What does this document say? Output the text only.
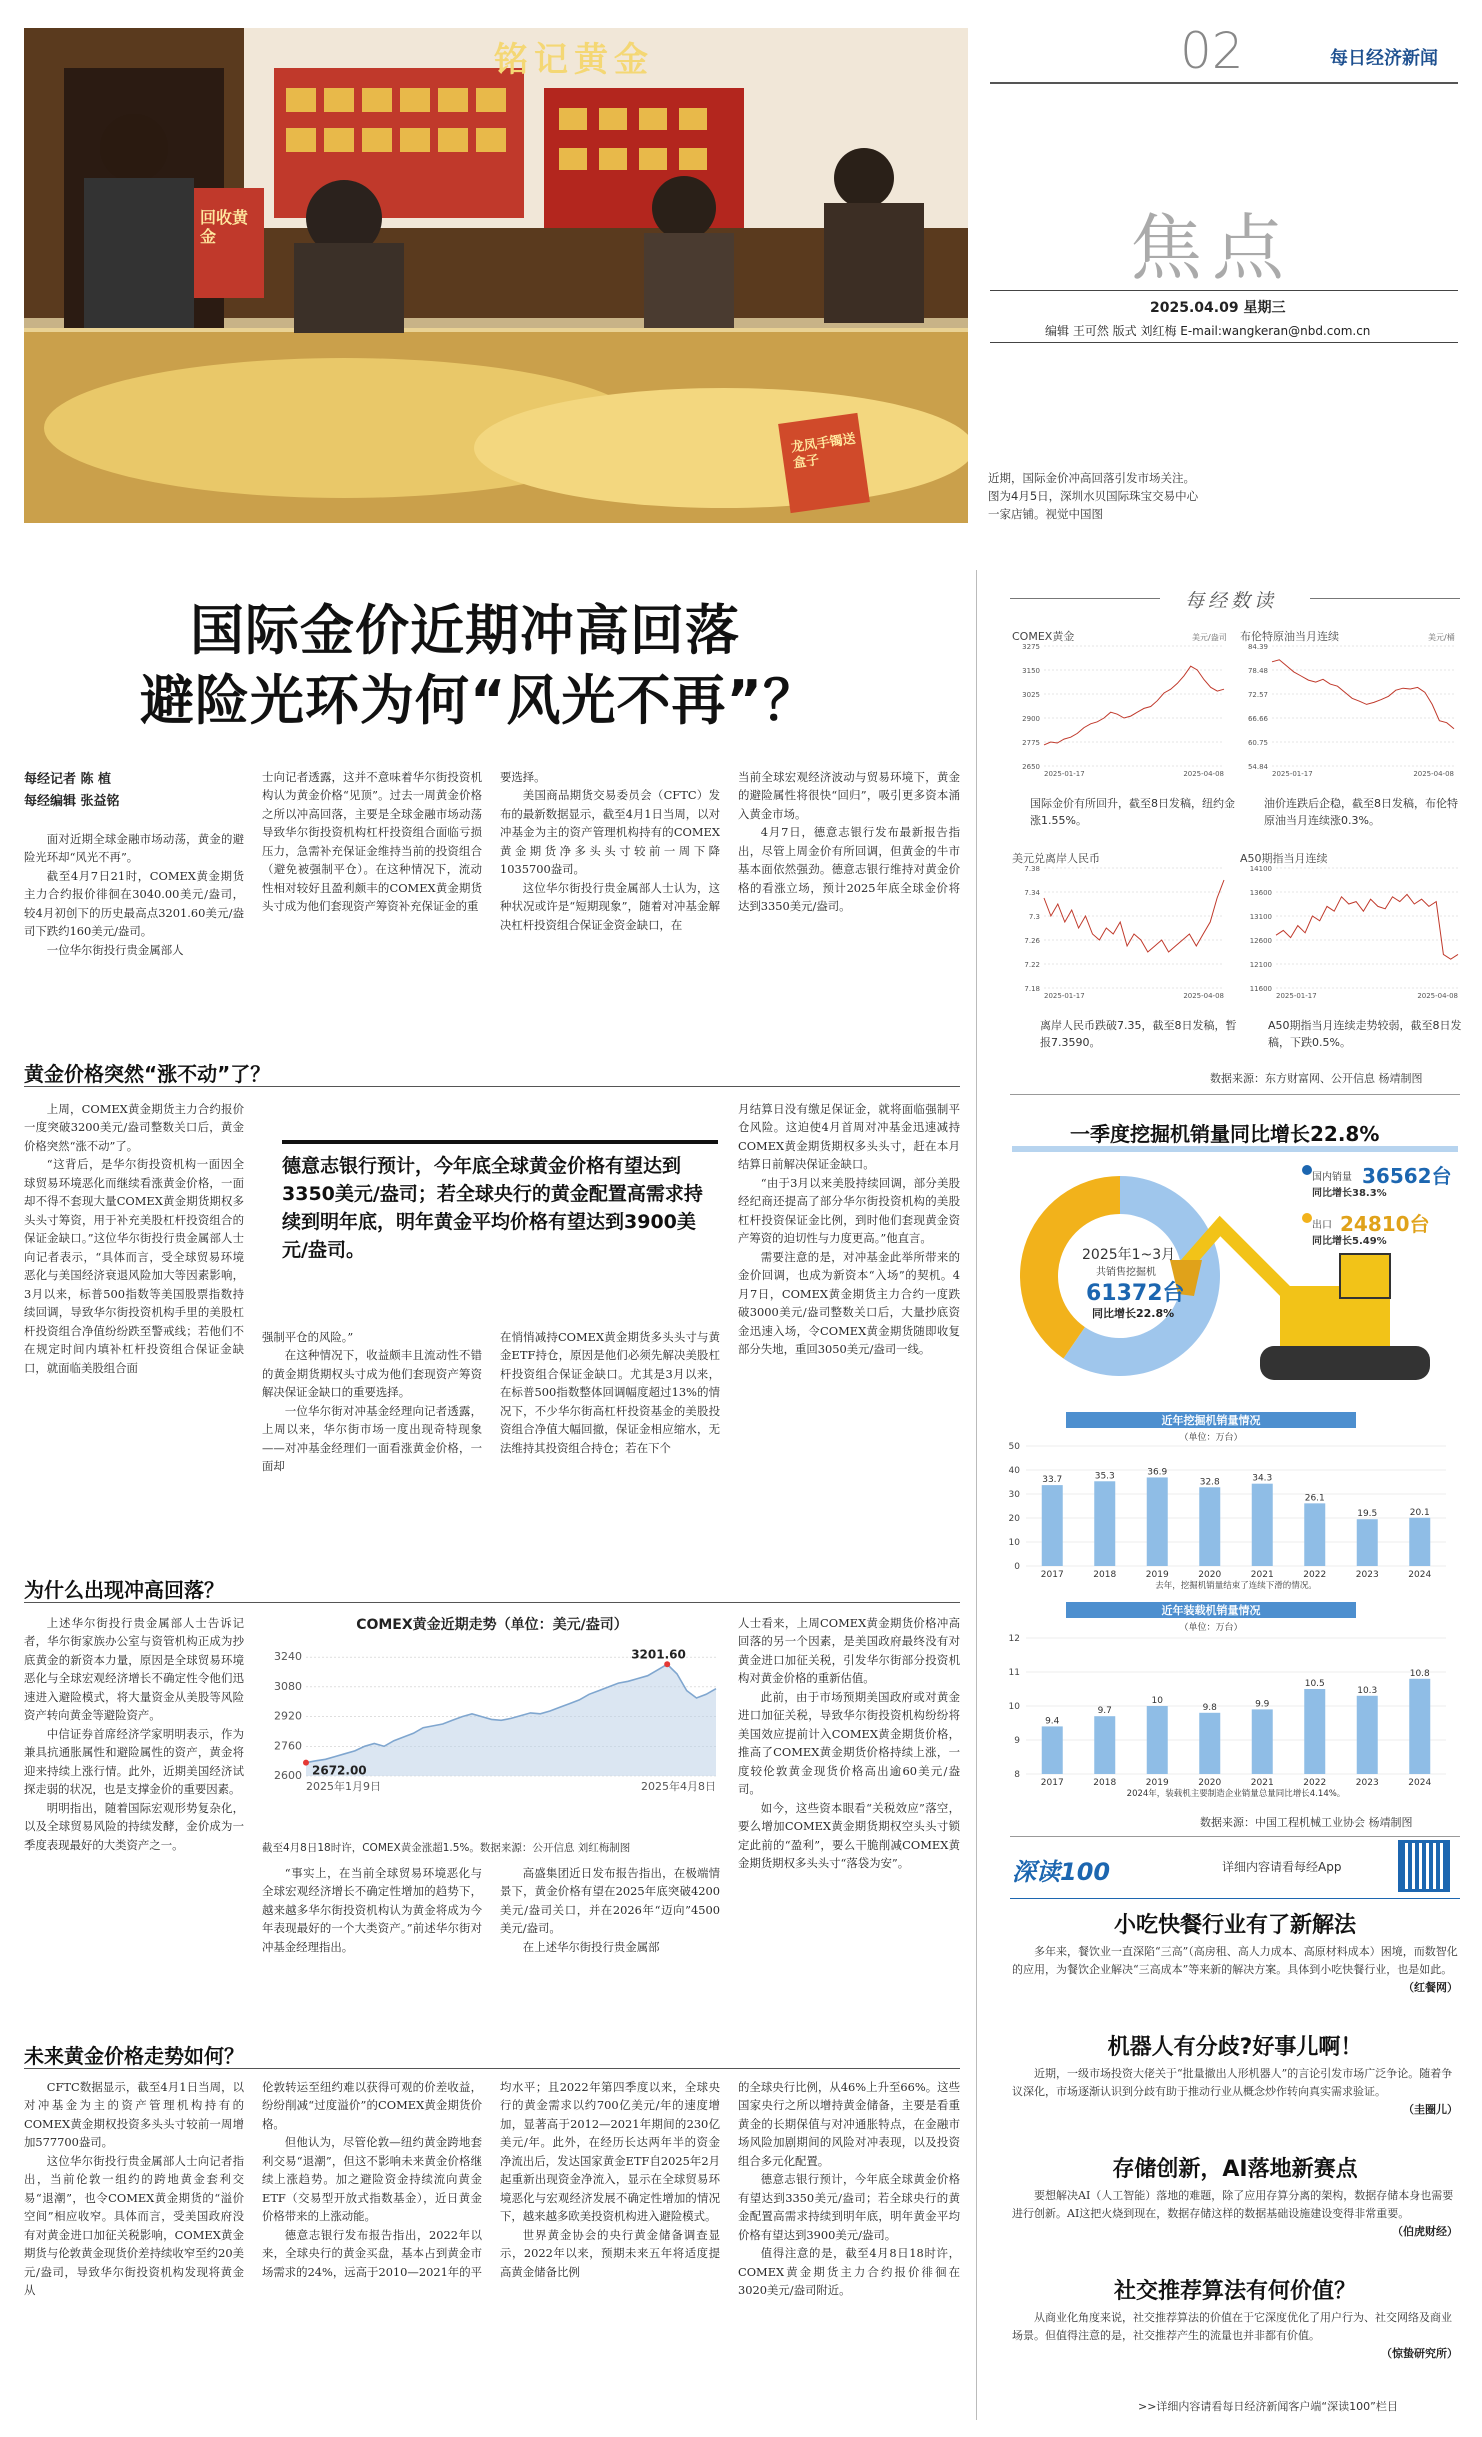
铭记黄金
回收黄金
龙凤手镯送盒子
02	每日经济新闻
焦点
2025.04.09 星期三
编辑 王可然 版式 刘红梅 E-mail:wangkeran@nbd.com.cn
近期，国际金价冲高回落引发市场关注。图为4月5日，深圳水贝国际珠宝交易中心一家店铺。视觉中国图
国际金价近期冲高回落
避险光环为何“风光不再”？
每经记者 陈 植
每经编辑 张益铭

面对近期全球金融市场动荡，黄金的避险光环却“风光不再”。

截至4月7日21时，COMEX黄金期货主力合约报价徘徊在3040.00美元/盎司，较4月初创下的历史最高点3201.60美元/盎司下跌约160美元/盎司。

一位华尔街投行贵金属部人

士向记者透露，这并不意味着华尔街投资机构认为黄金价格“见顶”。过去一周黄金价格之所以冲高回落，主要是全球金融市场动荡导致华尔街投资机构杠杆投资组合面临亏损压力，急需补充保证金维持当前的投资组合（避免被强制平仓）。在这种情况下，流动性相对较好且盈利颇丰的COMEX黄金期货头寸成为他们套现资产筹资补充保证金的重

要选择。

美国商品期货交易委员会（CFTC）发布的最新数据显示，截至4月1日当周，以对冲基金为主的资产管理机构持有的COMEX黄金期货净多头头寸较前一周下降1035700盎司。

这位华尔街投行贵金属部人士认为，这种状况或许是“短期现象”，随着对冲基金解决杠杆投资组合保证金资金缺口，在

当前全球宏观经济波动与贸易环境下，黄金的避险属性将很快“回归”，吸引更多资本涌入黄金市场。

4月7日，德意志银行发布最新报告指出，尽管上周金价有所回调，但黄金的牛市基本面依然强劲。德意志银行维持对黄金价格的看涨立场，预计2025年底全球金价将达到3350美元/盎司。

黄金价格突然“涨不动”了？

上周，COMEX黄金期货主力合约报价一度突破3200美元/盎司整数关口后，黄金价格突然“涨不动”了。

“这背后，是华尔街投资机构一面因全球贸易环境恶化而继续看涨黄金价格，一面却不得不套现大量COMEX黄金期货期权多头头寸筹资，用于补充美股杠杆投资组合的保证金缺口。”这位华尔街投行贵金属部人士向记者表示，“具体而言，受全球贸易环境恶化与美国经济衰退风险加大等因素影响，3月以来，标普500指数等美国股票指数持续回调，导致华尔街投资机构手里的美股杠杆投资组合净值纷纷跌至警戒线；若他们不在规定时间内填补杠杆投资组合保证金缺口，就面临美股组合面

德意志银行预计，今年底全球黄金价格有望达到3350美元/盎司；若全球央行的黄金配置高需求持续到明年底，明年黄金平均价格有望达到3900美元/盎司。

强制平仓的风险。”

在这种情况下，收益颇丰且流动性不错的黄金期货期权头寸成为他们套现资产筹资解决保证金缺口的重要选择。

一位华尔街对冲基金经理向记者透露，上周以来，华尔街市场一度出现奇特现象——对冲基金经理们一面看涨黄金价格，一面却

在悄悄减持COMEX黄金期货多头头寸与黄金ETF持仓，原因是他们必须先解决美股杠杆投资组合保证金缺口。尤其是3月以来，在标普500指数整体回调幅度超过13%的情况下，不少华尔街高杠杆投资基金的美股投资组合净值大幅回撤，保证金相应缩水，无法维持其投资组合持仓；若在下个

月结算日没有缴足保证金，就将面临强制平仓风险。这迫使4月首周对冲基金迅速减持COMEX黄金期货期权多头头寸，赶在本月结算日前解决保证金缺口。

“由于3月以来美股持续回调，部分美股经纪商还提高了部分华尔街投资机构的美股杠杆投资保证金比例，到时他们套现黄金资产筹资的迫切性与力度更高。”他直言。

需要注意的是，对冲基金此举所带来的金价回调，也成为新资本“入场”的契机。4月7日，COMEX黄金期货主力合约一度跌破3000美元/盎司整数关口后，大量抄底资金迅速入场，令COMEX黄金期货随即收复部分失地，重回3050美元/盎司一线。

为什么出现冲高回落？

上述华尔街投行贵金属部人士告诉记者，华尔街家族办公室与资管机构正成为抄底黄金的新资本力量，原因是全球贸易环境恶化与全球宏观经济增长不确定性令他们迅速进入避险模式，将大量资金从美股等风险资产转向黄金等避险资产。

中信证券首席经济学家明明表示，作为兼具抗通胀属性和避险属性的资产，黄金将迎来持续上涨行情。此外，近期美国经济试探走弱的状况，也是支撑金价的重要因素。

明明指出，随着国际宏观形势复杂化，以及全球贸易风险的持续发酵，金价成为一季度表现最好的大类资产之一。

COMEX黄金近期走势（单位：美元/盎司）
2600
2760
2920
3080
3240
2025年1月9日	2025年4月8日
2672.00
3201.60
截至4月8日18时许，COMEX黄金涨超1.5%。数据来源：公开信息 刘红梅制图

“事实上，在当前全球贸易环境恶化与全球宏观经济增长不确定性增加的趋势下，越来越多华尔街投资机构认为黄金将成为今年表现最好的一个大类资产。”前述华尔街对冲基金经理指出。

高盛集团近日发布报告指出，在极端情景下，黄金价格有望在2025年底突破4200美元/盎司关口，并在2026年“迈向”4500美元/盎司。

在上述华尔街投行贵金属部

人士看来，上周COMEX黄金期货价格冲高回落的另一个因素，是美国政府最终没有对黄金进口加征关税，引发华尔街部分投资机构对黄金价格的重新估值。

此前，由于市场预期美国政府或对黄金进口加征关税，导致华尔街投资机构纷纷将美国效应提前计入COMEX黄金期货价格，推高了COMEX黄金期货价格持续上涨，一度较伦敦黄金现货价格高出逾60美元/盎司。

如今，这些资本眼看“关税效应”落空，要么增加COMEX黄金期货期权空头头寸锁定此前的“盈利”，要么干脆削减COMEX黄金期货期权多头头寸“落袋为安”。

未来黄金价格走势如何？

CFTC数据显示，截至4月1日当周，以对冲基金为主的资产管理机构持有的COMEX黄金期权投资多头头寸较前一周增加577700盎司。

这位华尔街投行贵金属部人士向记者指出，当前伦敦一组约的跨地黄金套利交易“退潮”，也令COMEX黄金期货的“溢价空间”相应收窄。具体而言，受美国政府没有对黄金进口加征关税影响，COMEX黄金期货与伦敦黄金现货价差持续收窄至约20美元/盎司，导致华尔街投资机构发现将黄金从

伦敦转运至纽约难以获得可观的价差收益，纷纷削减“过度溢价”的COMEX黄金期货价格。

但他认为，尽管伦敦—纽约黄金跨地套利交易“退潮”，但这不影响未来黄金价格继续上涨趋势。加之避险资金持续流向黄金ETF（交易型开放式指数基金），近日黄金价格带来的上涨动能。

德意志银行发布报告指出，2022年以来，全球央行的黄金买盘，基本占到黄金市场需求的24%，远高于2010—2021年的平

均水平；且2022年第四季度以来，全球央行的黄金需求以约700亿美元/年的速度增加，显著高于2012—2021年期间的230亿美元/年。此外，在经历长达两年半的资金净流出后，发达国家黄金ETF自2025年2月起重新出现资金净流入，显示在全球贸易环境恶化与宏观经济发展不确定性增加的情况下，越来越多欧美投资机构进入避险模式。

世界黄金协会的央行黄金储备调查显示，2022年以来，预期未来五年将适度提高黄金储备比例

的全球央行比例，从46%上升至66%。这些国家央行之所以增持黄金储备，主要是看重黄金的长期保值与对冲通胀特点，在金融市场风险加剧期间的风险对冲表现，以及投资组合多元化配置。

德意志银行预计，今年底全球黄金价格有望达到3350美元/盎司；若全球央行的黄金配置高需求持续到明年底，明年黄金平均价格有望达到3900美元/盎司。

值得注意的是，截至4月8日18时许，COMEX黄金期货主力合约报价徘徊在3020美元/盎司附近。

每经数读
COMEX黄金	美元/盎司
2650
2775
2900
3025
3150
3275
2025-01-17	2025-04-08
国际金价有所回升，截至8日发稿，纽约金涨1.55%。
布伦特原油当月连续	美元/桶
54.84
60.75
66.66
72.57
78.48
84.39
2025-01-17	2025-04-08
油价连跌后企稳，截至8日发稿，布伦特原油当月连续涨0.3%。
美元兑离岸人民币
7.18
7.22
7.26
7.3
7.34
7.38
2025-01-17	2025-04-08
离岸人民币跌破7.35，截至8日发稿，暂报7.3590。
A50期指当月连续
11600
12100
12600
13100
13600
14100
2025-01-17	2025-04-08
A50期指当月连续走势较弱，截至8日发稿，下跌0.5%。
数据来源：东方财富网、公开信息 杨靖制图
一季度挖掘机销量同比增长22.8%
2025年1~3月
共销售挖掘机
61372台
同比增长22.8%
国内销量 36562台
同比增长38.3%
出口 24810台
同比增长5.49%
近年挖掘机销量情况
（单位：万台）
0
10
20
30
40
50
33.7
2017
35.3
2018
36.9
2019
32.8
2020
34.3
2021
26.1
2022
19.5
2023
20.1
2024
去年，挖掘机销量结束了连续下滑的情况。
近年装载机销量情况
（单位：万台）
8
9
10
11
12
9.4
2017
9.7
2018
10
2019
9.8
2020
9.9
2021
10.5
2022
10.3
2023
10.8
2024
2024年，装载机主要制造企业销量总量同比增长4.14%。
数据来源：中国工程机械工业协会 杨靖制图
深读100	详细内容请看每经App
小吃快餐行业有了新解法
多年来，餐饮业一直深陷“三高”（高房租、高人力成本、高原材料成本）困境，而数智化的应用，为餐饮企业解决“三高成本”等来新的解决方案。具体到小吃快餐行业，也是如此。
（红餐网）
机器人有分歧?好事儿啊！
近期，一级市场投资大佬关于“批量撤出人形机器人”的言论引发市场广泛争论。随着争议深化，市场逐渐认识到分歧有助于推动行业从概念炒作转向真实需求验证。
（圭圈儿）
存储创新，AI落地新赛点
要想解决AI（人工智能）落地的难题，除了应用存算分离的架构，数据存储本身也需要进行创新。AI这把火烧到现在，数据存储这样的数据基础设施建设变得非常重要。
（伯虎财经）
社交推荐算法有何价值？
从商业化角度来说，社交推荐算法的价值在于它深度优化了用户行为、社交网络及商业场景。但值得注意的是，社交推荐产生的流量也并非都有价值。
（惊蛰研究所）
>>详细内容请看每日经济新闻客户端“深读100”栏目
